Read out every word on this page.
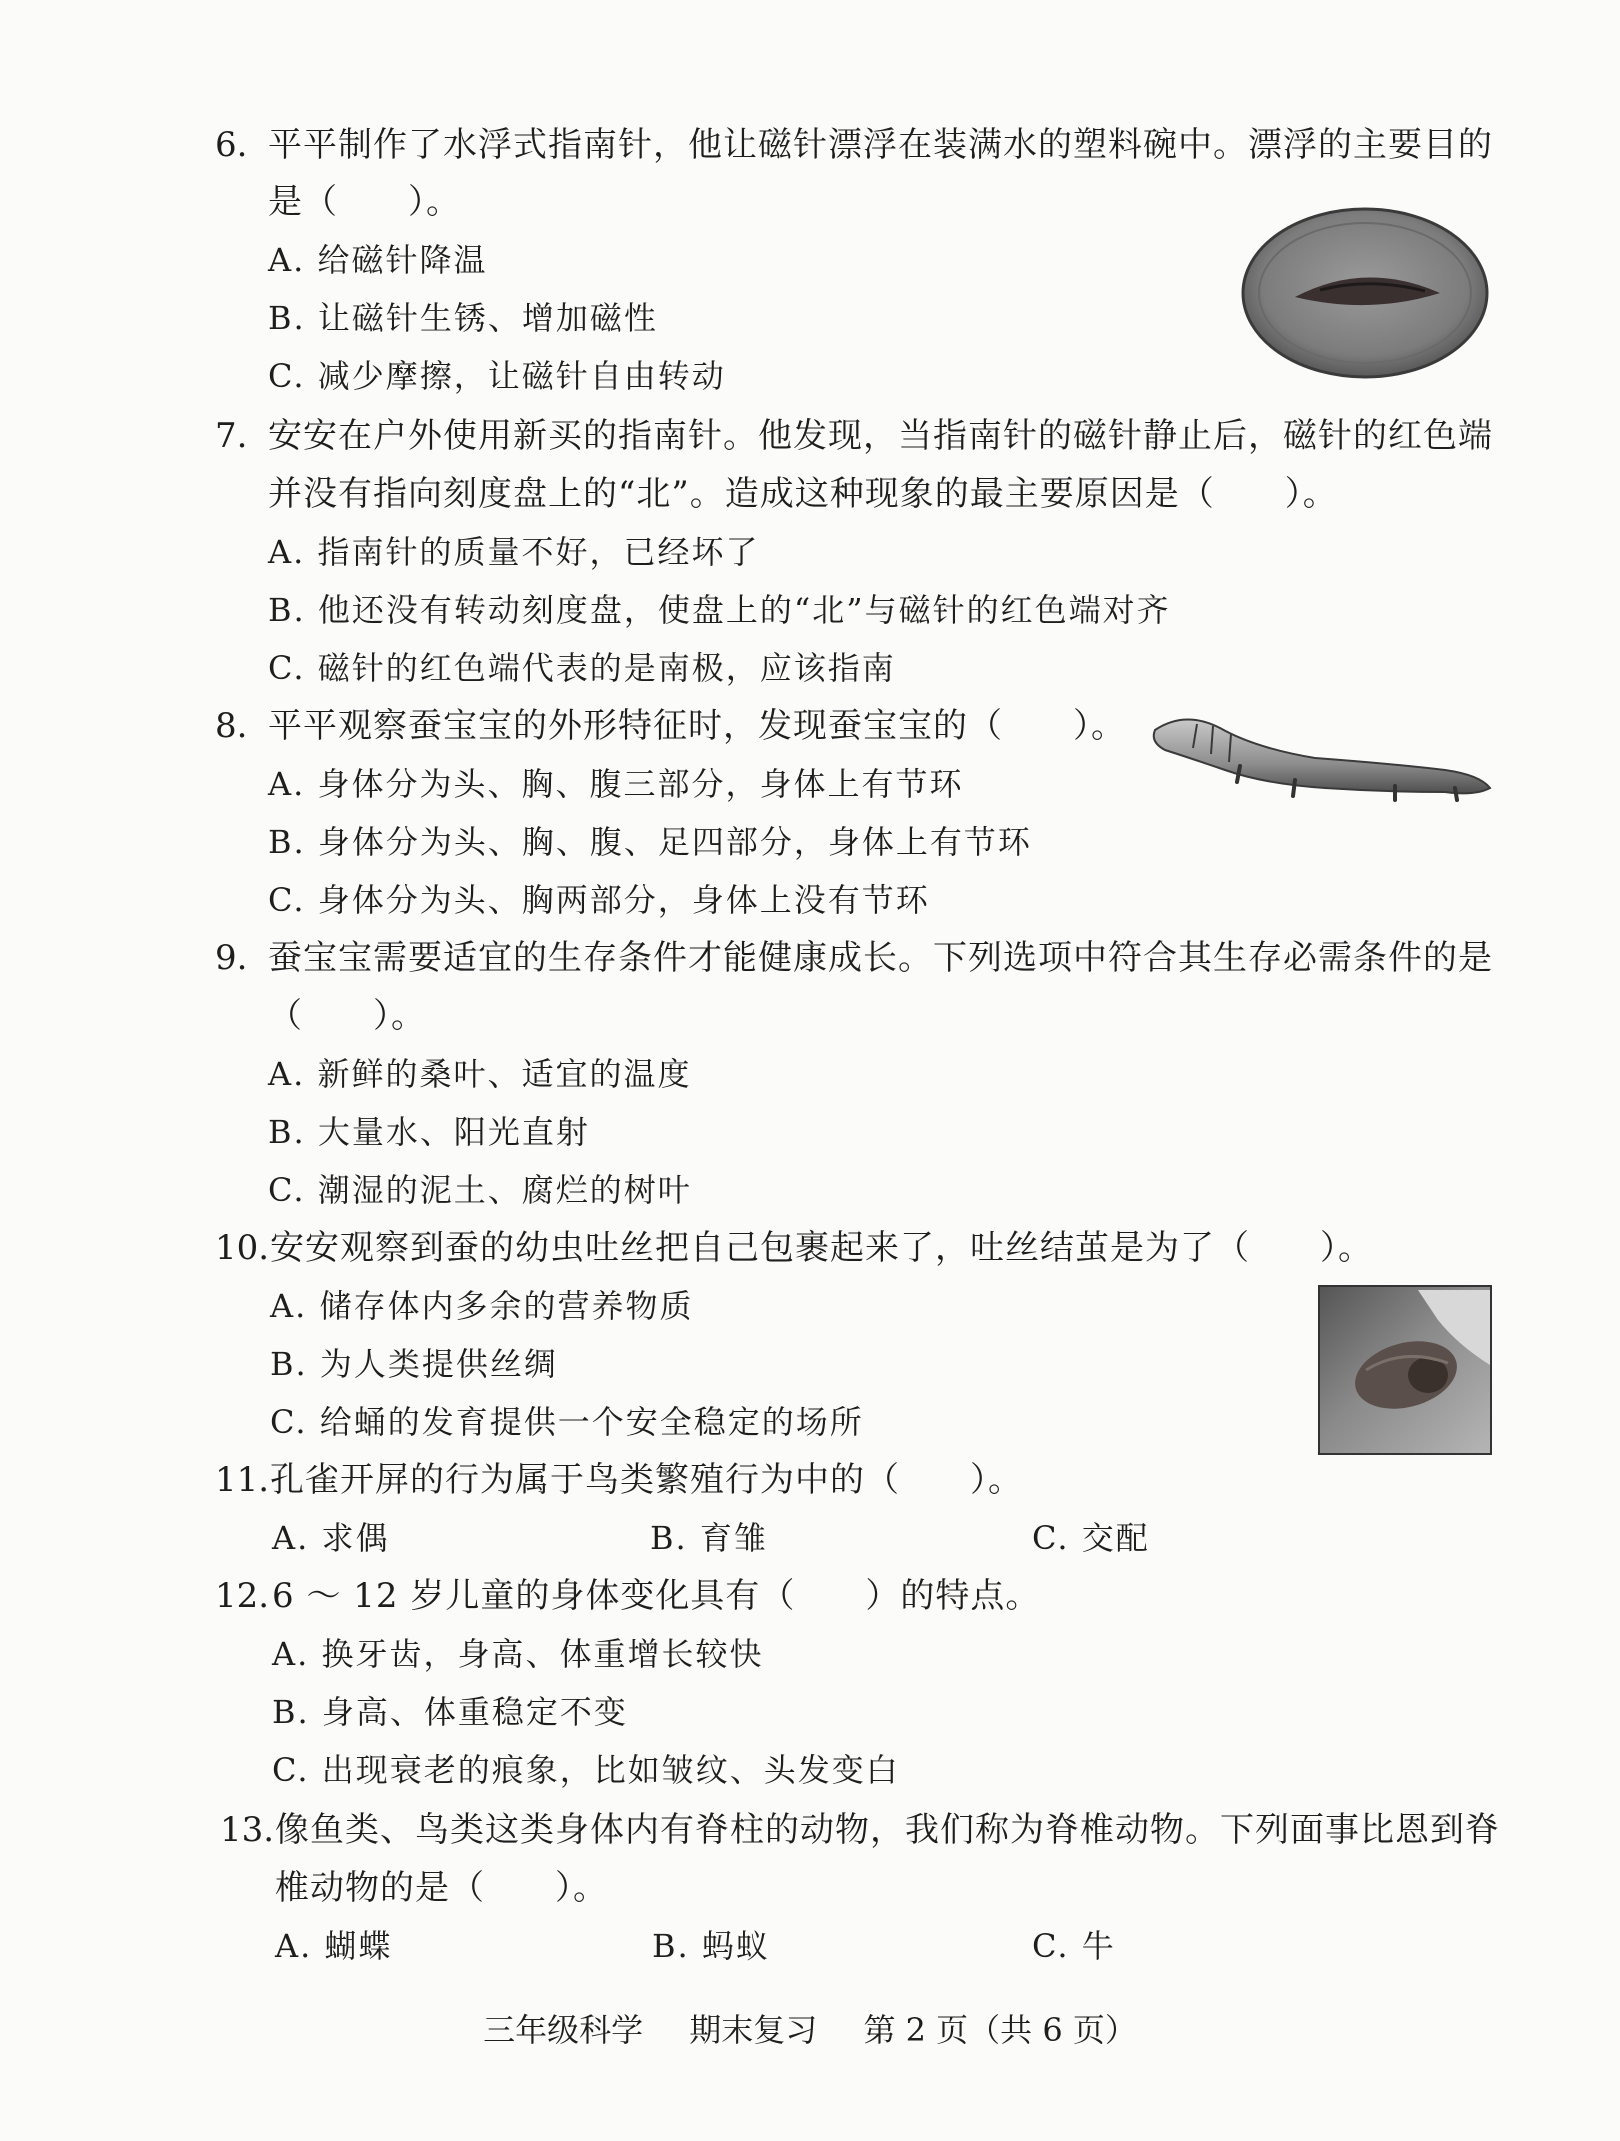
6. 平平制作了水浮式指南针，他让磁针漂浮在装满水的塑料碗中。漂浮的主要目的
是（　　）。
A. 给磁针降温
B. 让磁针生锈、增加磁性
C. 减少摩擦，让磁针自由转动
7. 安安在户外使用新买的指南针。他发现，当指南针的磁针静止后，磁针的红色端
并没有指向刻度盘上的“北”。造成这种现象的最主要原因是（　　）。
A. 指南针的质量不好，已经坏了
B. 他还没有转动刻度盘，使盘上的“北”与磁针的红色端对齐
C. 磁针的红色端代表的是南极，应该指南
8. 平平观察蚕宝宝的外形特征时，发现蚕宝宝的（　　）。
A. 身体分为头、胸、腹三部分，身体上有节环
B. 身体分为头、胸、腹、足四部分，身体上有节环
C. 身体分为头、胸两部分，身体上没有节环
9. 蚕宝宝需要适宜的生存条件才能健康成长。下列选项中符合其生存必需条件的是
（　　）。
A. 新鲜的桑叶、适宜的温度
B. 大量水、阳光直射
C. 潮湿的泥土、腐烂的树叶
10. 安安观察到蚕的幼虫吐丝把自己包裹起来了，吐丝结茧是为了（　　）。
A. 储存体内多余的营养物质
B. 为人类提供丝绸
C. 给蛹的发育提供一个安全稳定的场所
11. 孔雀开屏的行为属于鸟类繁殖行为中的（　　）。
A. 求偶	B. 育雏	C. 交配
12. 6 ～ 12 岁儿童的身体变化具有（　　）的特点。
A. 换牙齿，身高、体重增长较快
B. 身高、体重稳定不变
C. 出现衰老的痕象，比如皱纹、头发变白
13. 像鱼类、鸟类这类身体内有脊柱的动物，我们称为脊椎动物。下列面事比恩到脊
椎动物的是（　　）。
A. 蝴蝶	B. 蚂蚁	C. 牛
三年级科学 期末复习 第 2 页（共 6 页）
